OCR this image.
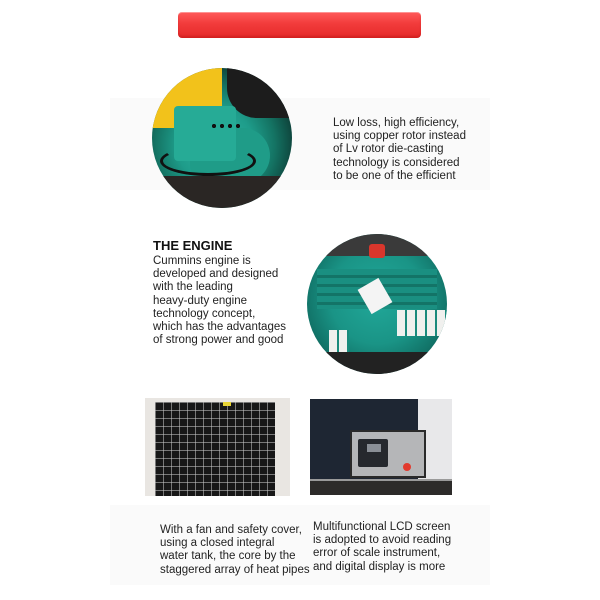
Low loss, high efficiency,
using copper rotor instead
of Lv rotor die-casting
technology is considered
to be one of the efficient
THE ENGINE
Cummins engine is
developed and designed
with the leading
heavy-duty engine
technology concept,
which has the advantages
of strong power and good
With a fan and safety cover,
using a closed integral
water tank, the core by the
staggered array of heat pipes
Multifunctional LCD screen
is adopted to avoid reading
error of scale instrument,
and digital display is more
